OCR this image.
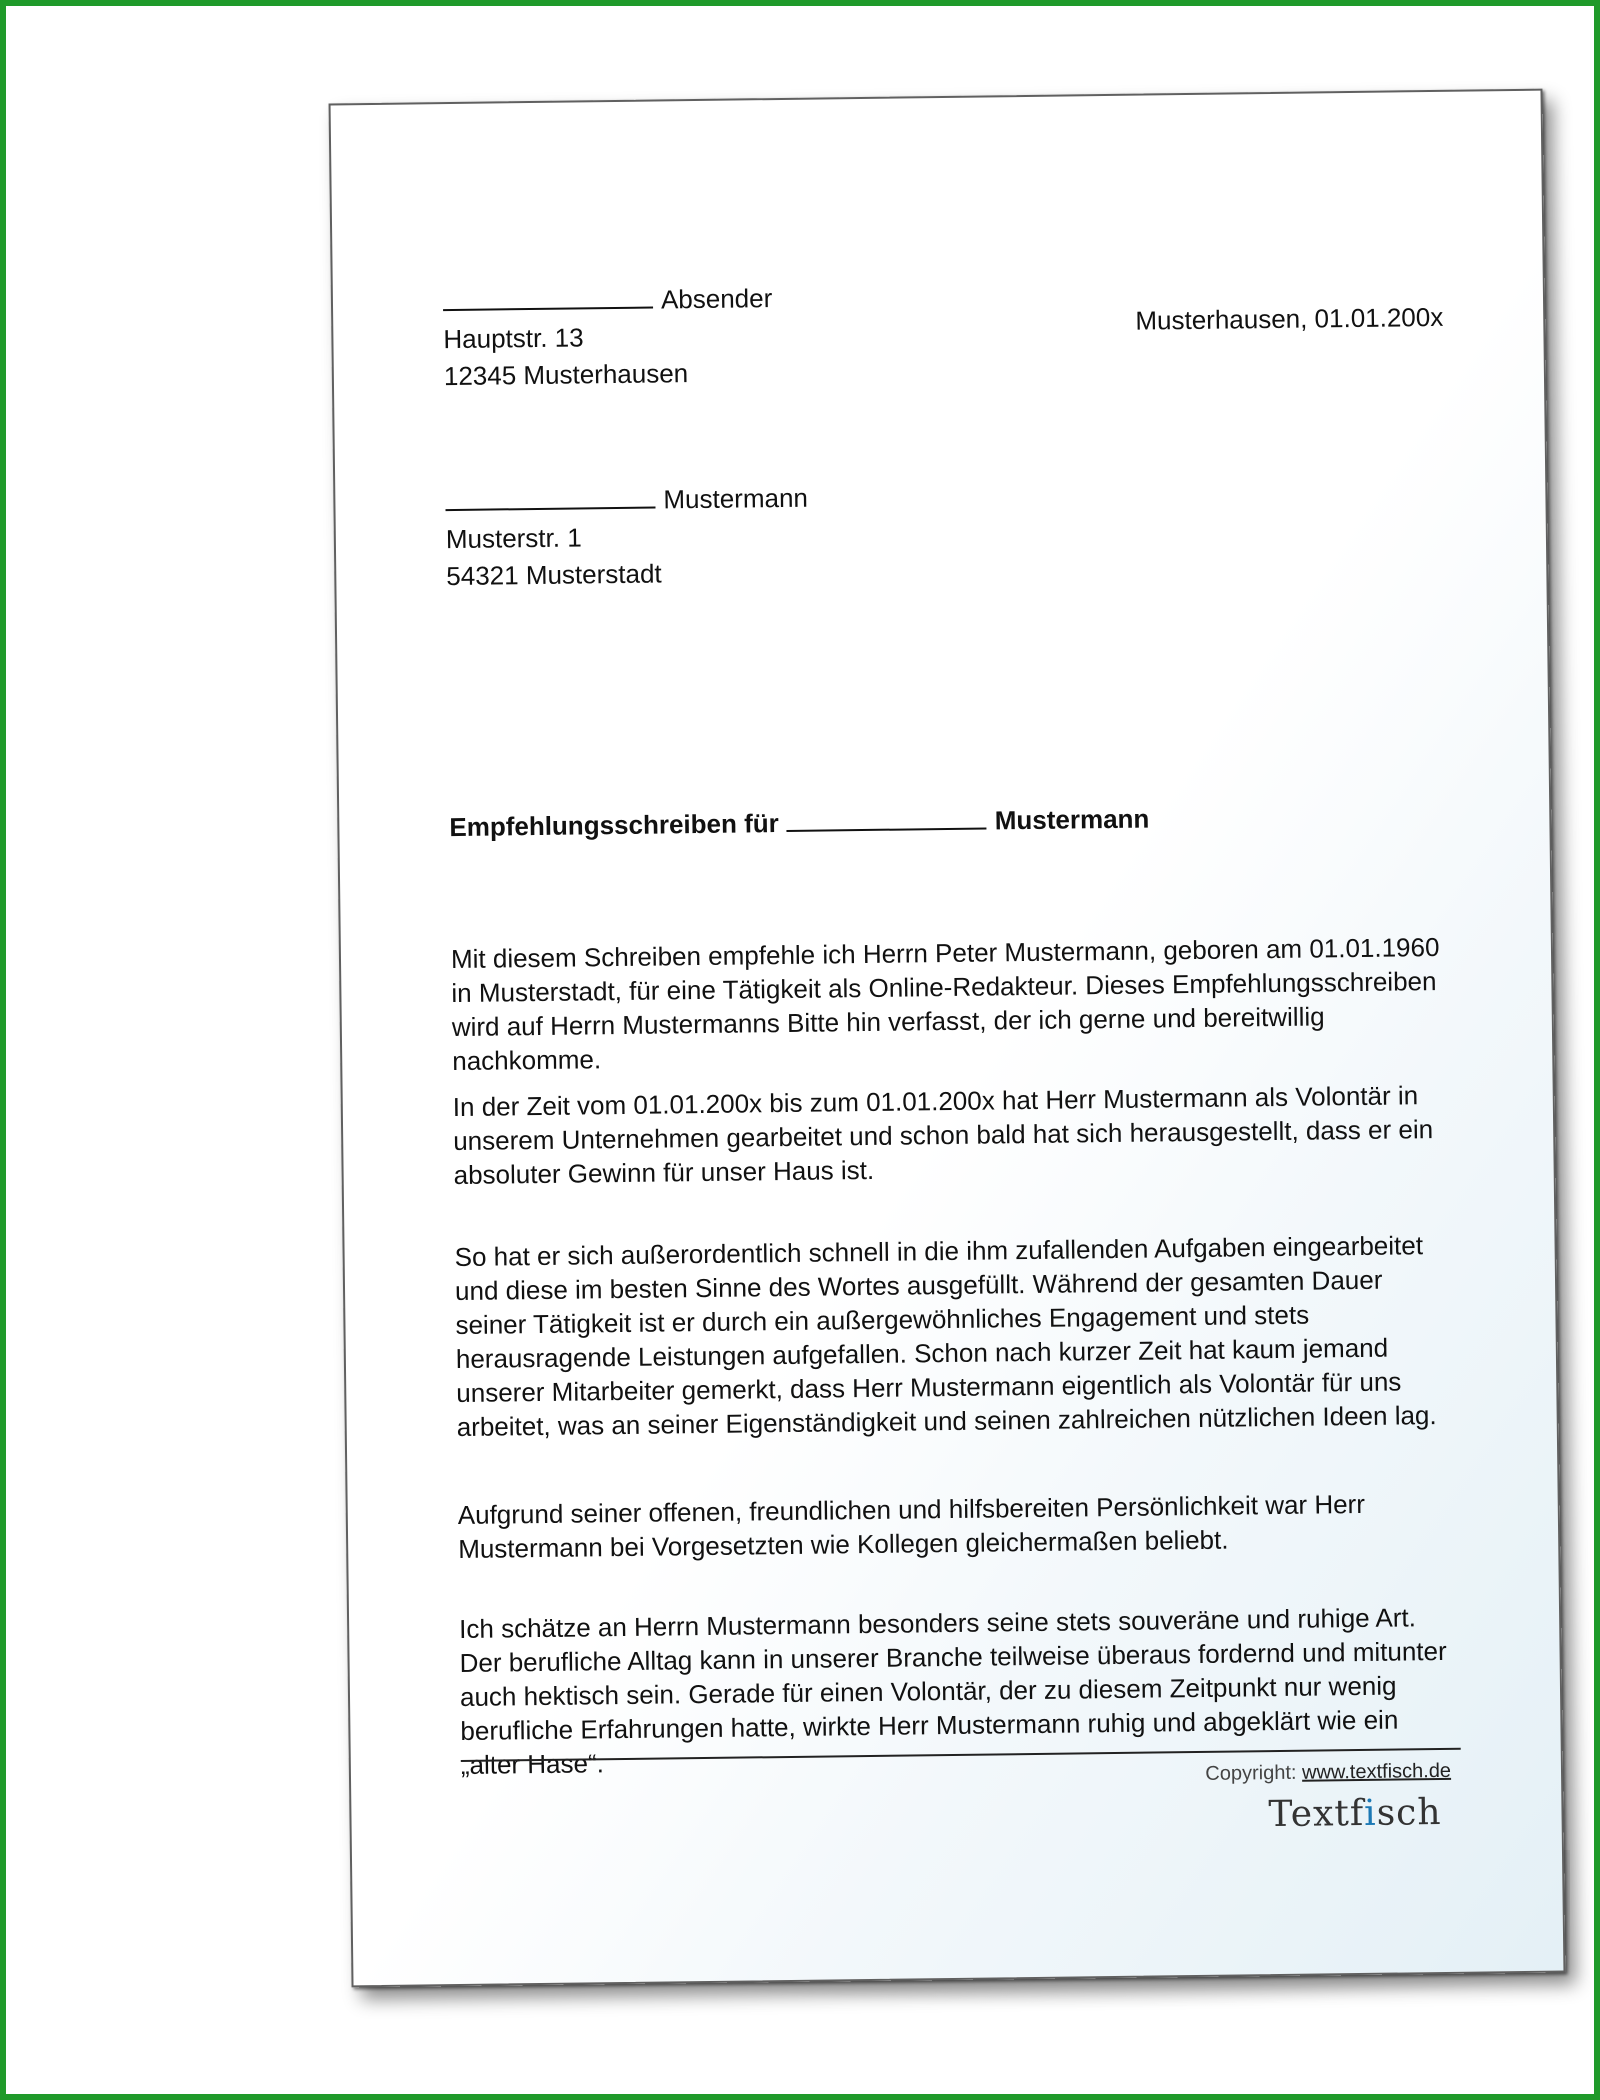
Absender
Hauptstr. 13
12345 Musterhausen
Musterhausen, 01.01.200x
Mustermann
Musterstr. 1
54321 Musterstadt
Empfehlungsschreiben für	Mustermann
Mit diesem Schreiben empfehle ich Herrn Peter Mustermann, geboren am 01.01.1960 in Musterstadt, für eine Tätigkeit als Online-Redakteur. Dieses Empfehlungsschreiben wird auf Herrn Mustermanns Bitte hin verfasst, der ich gerne und bereitwillig nachkomme.
In der Zeit vom 01.01.200x bis zum 01.01.200x hat Herr Mustermann als Volontär in unserem Unternehmen gearbeitet und schon bald hat sich herausgestellt, dass er ein absoluter Gewinn für unser Haus ist.
So hat er sich außerordentlich schnell in die ihm zufallenden Aufgaben eingearbeitet und diese im besten Sinne des Wortes ausgefüllt. Während der gesamten Dauer seiner Tätigkeit ist er durch ein außergewöhnliches Engagement und stets herausragende Leistungen aufgefallen. Schon nach kurzer Zeit hat kaum jemand unserer Mitarbeiter gemerkt, dass Herr Mustermann eigentlich als Volontär für uns arbeitet, was an seiner Eigenständigkeit und seinen zahlreichen nützlichen Ideen lag.
Aufgrund seiner offenen, freundlichen und hilfsbereiten Persönlichkeit war Herr Mustermann bei Vorgesetzten wie Kollegen gleichermaßen beliebt.
Ich schätze an Herrn Mustermann besonders seine stets souveräne und ruhige Art. Der berufliche Alltag kann in unserer Branche teilweise überaus fordernd und mitunter auch hektisch sein. Gerade für einen Volontär, der zu diesem Zeitpunkt nur wenig berufliche Erfahrungen hatte, wirkte Herr Mustermann ruhig und abgeklärt wie ein „alter Hase“.	Copyright: www.textfisch.de
Textfisch
